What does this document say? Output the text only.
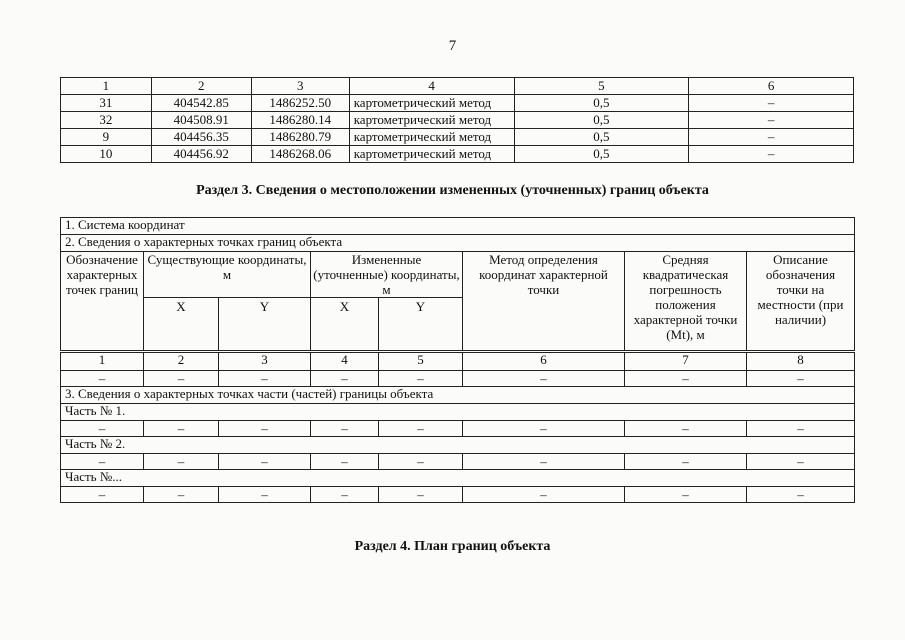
7
1	2	3	4	5	6
31	404542.85	1486252.50	картометрический метод	0,5	–
32	404508.91	1486280.14	картометрический метод	0,5	–
9	404456.35	1486280.79	картометрический метод	0,5	–
10	404456.92	1486268.06	картометрический метод	0,5	–
Раздел 3. Сведения о местоположении измененных (уточненных) границ объекта
1. Система координат							
2. Сведения о характерных точках границ объекта							
Обозначение характерных точек границ	Существующие координаты, м		Измененные (уточненные) координаты, м		Метод определения координат характерной точки	Средняя квадратическая погрешность положения характерной точки (Mt), м	Описание обозначения точки на местности (при наличии)
	X	Y	X	Y			
1	2	3	4	5	6	7	8
–	–	–	–	–	–	–	–
3. Сведения о характерных точках части (частей) границы объекта							
Часть № 1.							
–	–	–	–	–	–	–	–
Часть № 2.							
–	–	–	–	–	–	–	–
Часть №...							
–	–	–	–	–	–	–	–
Раздел 4. План границ объекта
